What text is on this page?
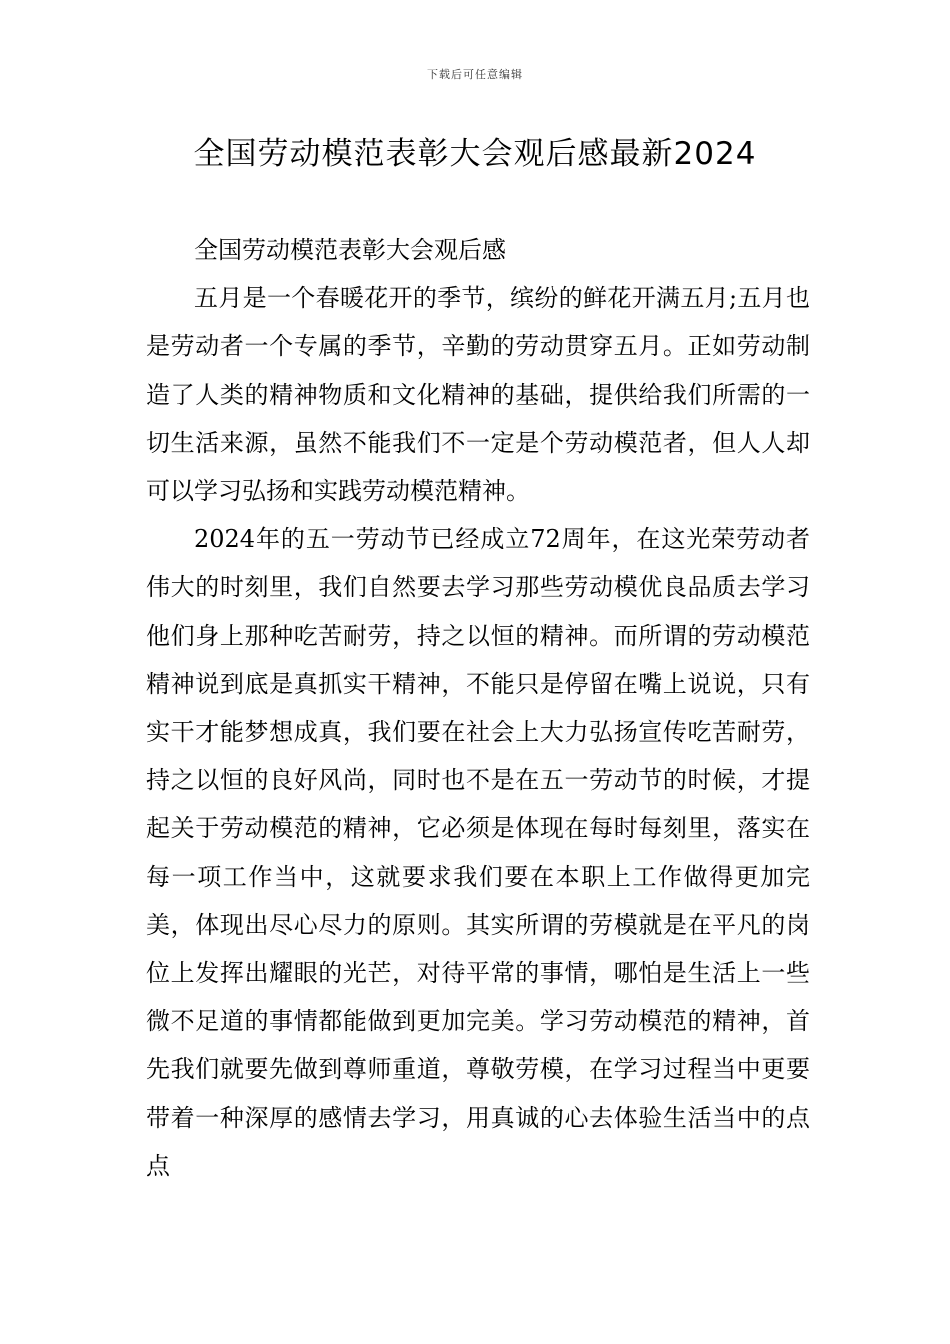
下载后可任意编辑
全国劳动模范表彰大会观后感最新2024

全国劳动模范表彰大会观后感

五月是一个春暖花开的季节，缤纷的鲜花开满五月;五月也是劳动者一个专属的季节，辛勤的劳动贯穿五月。正如劳动制造了人类的精神物质和文化精神的基础，提供给我们所需的一切生活来源，虽然不能我们不一定是个劳动模范者，但人人却可以学习弘扬和实践劳动模范精神。

2024年的五一劳动节已经成立72周年，在这光荣劳动者伟大的时刻里，我们自然要去学习那些劳动模优良品质去学习他们身上那种吃苦耐劳，持之以恒的精神。而所谓的劳动模范精神说到底是真抓实干精神，不能只是停留在嘴上说说，只有实干才能梦想成真，我们要在社会上大力弘扬宣传吃苦耐劳，持之以恒的良好风尚，同时也不是在五一劳动节的时候，才提起关于劳动模范的精神，它必须是体现在每时每刻里，落实在每一项工作当中，这就要求我们要在本职上工作做得更加完美，体现出尽心尽力的原则。其实所谓的劳模就是在平凡的岗位上发挥出耀眼的光芒，对待平常的事情，哪怕是生活上一些微不足道的事情都能做到更加完美。学习劳动模范的精神，首先我们就要先做到尊师重道，尊敬劳模，在学习过程当中更要带着一种深厚的感情去学习，用真诚的心去体验生活当中的点点
